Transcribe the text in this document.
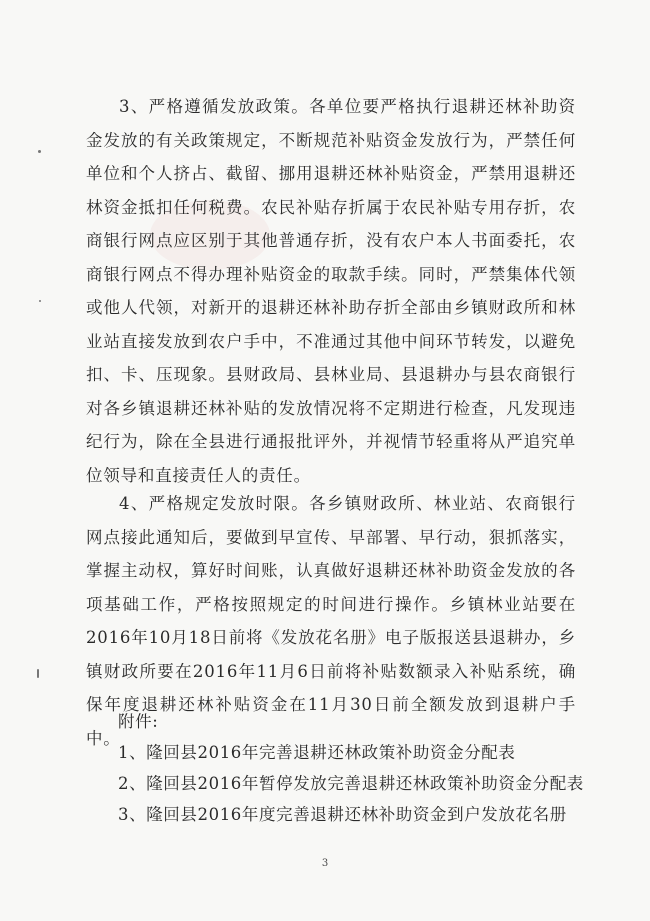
3、严格遵循发放政策。各单位要严格执行退耕还林补助资金发放的有关政策规定，不断规范补贴资金发放行为，严禁任何单位和个人挤占、截留、挪用退耕还林补贴资金，严禁用退耕还林资金抵扣任何税费。农民补贴存折属于农民补贴专用存折，农商银行网点应区别于其他普通存折，没有农户本人书面委托，农商银行网点不得办理补贴资金的取款手续。同时，严禁集体代领或他人代领，对新开的退耕还林补助存折全部由乡镇财政所和林业站直接发放到农户手中，不准通过其他中间环节转发，以避免扣、卡、压现象。县财政局、县林业局、县退耕办与县农商银行对各乡镇退耕还林补贴的发放情况将不定期进行检查，凡发现违纪行为，除在全县进行通报批评外，并视情节轻重将从严追究单位领导和直接责任人的责任。

4、严格规定发放时限。各乡镇财政所、林业站、农商银行网点接此通知后，要做到早宣传、早部署、早行动，狠抓落实，掌握主动权，算好时间账，认真做好退耕还林补助资金发放的各项基础工作，严格按照规定的时间进行操作。乡镇林业站要在2016年10月18日前将《发放花名册》电子版报送县退耕办，乡镇财政所要在2016年11月6日前将补贴数额录入补贴系统，确保年度退耕还林补贴资金在11月30日前全额发放到退耕户手中。

附件:
1、隆回县2016年完善退耕还林政策补助资金分配表
2、隆回县2016年暂停发放完善退耕还林政策补助资金分配表
3、隆回县2016年度完善退耕还林补助资金到户发放花名册
3
